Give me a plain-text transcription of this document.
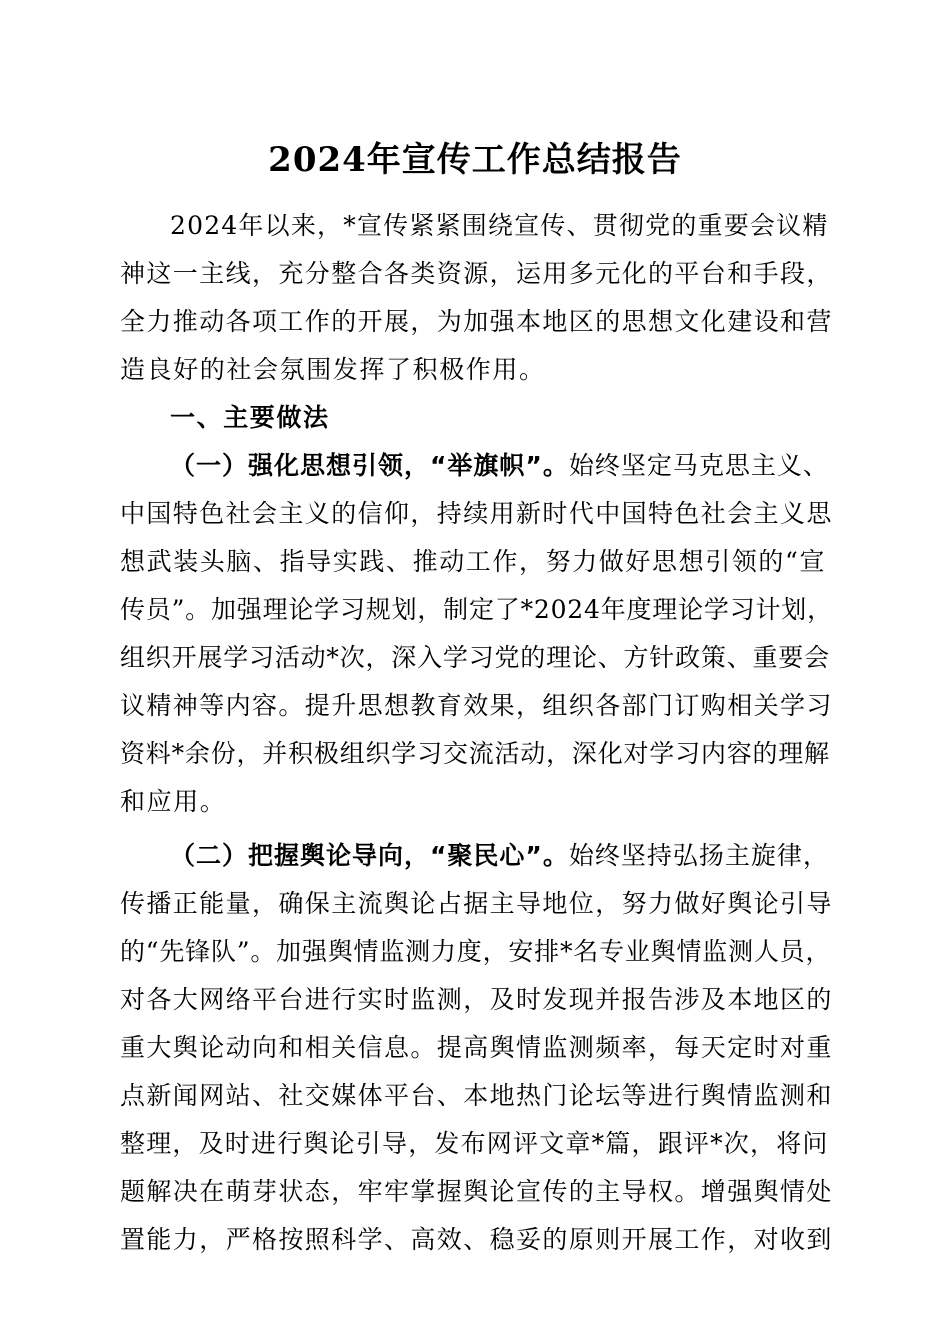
2024年宣传工作总结报告
2024年以来，*宣传紧紧围绕宣传、贯彻党的重要会议精
神这一主线，充分整合各类资源，运用多元化的平台和手段，
全力推动各项工作的开展，为加强本地区的思想文化建设和营
造良好的社会氛围发挥了积极作用。
一、主要做法
（一）强化思想引领，“举旗帜”。始终坚定马克思主义、
中国特色社会主义的信仰，持续用新时代中国特色社会主义思
想武装头脑、指导实践、推动工作，努力做好思想引领的“宣
传员”。加强理论学习规划，制定了*2024年度理论学习计划，
组织开展学习活动*次，深入学习党的理论、方针政策、重要会
议精神等内容。提升思想教育效果，组织各部门订购相关学习
资料*余份，并积极组织学习交流活动，深化对学习内容的理解
和应用。
（二）把握舆论导向，“聚民心”。始终坚持弘扬主旋律，
传播正能量，确保主流舆论占据主导地位，努力做好舆论引导
的“先锋队”。加强舆情监测力度，安排*名专业舆情监测人员，
对各大网络平台进行实时监测，及时发现并报告涉及本地区的
重大舆论动向和相关信息。提高舆情监测频率，每天定时对重
点新闻网站、社交媒体平台、本地热门论坛等进行舆情监测和
整理，及时进行舆论引导，发布网评文章*篇，跟评*次，将问
题解决在萌芽状态，牢牢掌握舆论宣传的主导权。增强舆情处
置能力，严格按照科学、高效、稳妥的原则开展工作，对收到
